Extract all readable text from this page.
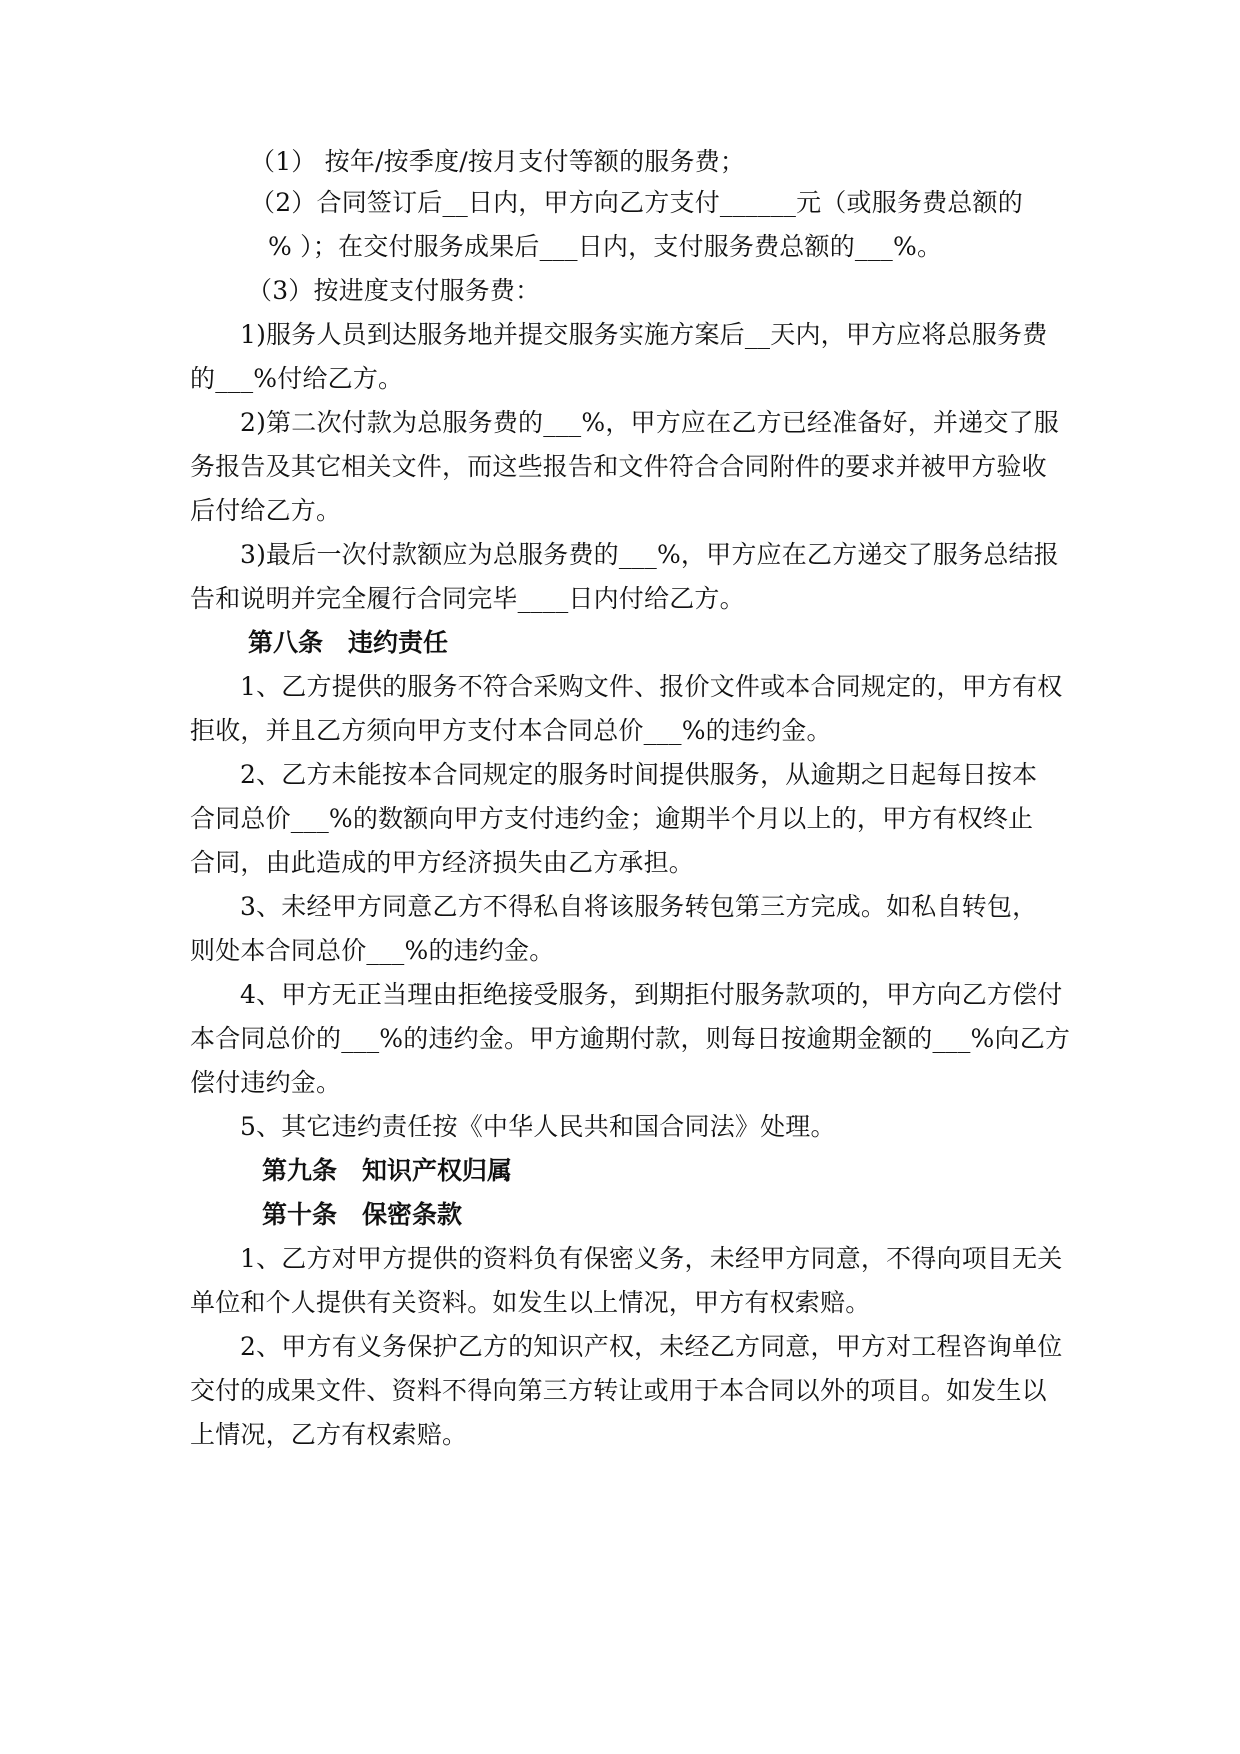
（1） 按年/按季度/按月支付等额的服务费；
（2）合同签订后__日内，甲方向乙方支付______元（或服务费总额的
% ）；在交付服务成果后___日内，支付服务费总额的___%。
（3）按进度支付服务费：
1)服务人员到达服务地并提交服务实施方案后__天内，甲方应将总服务费
的___%付给乙方。
2)第二次付款为总服务费的___%，甲方应在乙方已经准备好，并递交了服
务报告及其它相关文件，而这些报告和文件符合合同附件的要求并被甲方验收
后付给乙方。
3)最后一次付款额应为总服务费的___%，甲方应在乙方递交了服务总结报
告和说明并完全履行合同完毕____日内付给乙方。
第八条　违约责任
1、乙方提供的服务不符合采购文件、报价文件或本合同规定的，甲方有权
拒收，并且乙方须向甲方支付本合同总价___%的违约金。
2、乙方未能按本合同规定的服务时间提供服务，从逾期之日起每日按本
合同总价___%的数额向甲方支付违约金；逾期半个月以上的，甲方有权终止
合同，由此造成的甲方经济损失由乙方承担。
3、未经甲方同意乙方不得私自将该服务转包第三方完成。如私自转包，
则处本合同总价___%的违约金。
4、甲方无正当理由拒绝接受服务，到期拒付服务款项的，甲方向乙方偿付
本合同总价的___%的违约金。甲方逾期付款，则每日按逾期金额的___%向乙方
偿付违约金。
5、其它违约责任按《中华人民共和国合同法》处理。
第九条　知识产权归属
第十条　保密条款
1、乙方对甲方提供的资料负有保密义务，未经甲方同意，不得向项目无关
单位和个人提供有关资料。如发生以上情况，甲方有权索赔。
2、甲方有义务保护乙方的知识产权，未经乙方同意，甲方对工程咨询单位
交付的成果文件、资料不得向第三方转让或用于本合同以外的项目。如发生以
上情况，乙方有权索赔。
